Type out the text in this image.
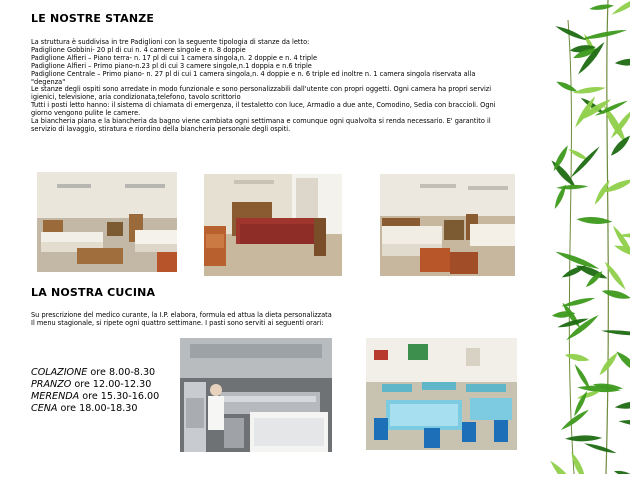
LE NOSTRE STANZE

La struttura è suddivisa in tre Padiglioni con la seguente tipologia di stanze da letto:

Padiglione Gobbini- 20 pl di cui n. 4 camere singole e n. 8 doppie

Padiglione Alfieri – Piano terra- n. 17 pl di cui 1 camera singola,n. 2 doppie e n. 4 triple

Padiglione Alfieri – Primo piano-n.23 pl di cui 3 camere singole,n.1 doppia e n.6 triple

Padiglione Centrale – Primo piano- n. 27 pl di cui 1 camera singola,n. 4 doppie e n. 6 triple ed inoltre n. 1 camera singola riservata alla "degenza"

Le stanze degli ospiti sono arredate in modo funzionale e sono personalizzabili dall'utente con propri oggetti. Ogni camera ha propri servizi igienici, televisione, aria condizionata,telefono, tavolo scrittorio

Tutti i posti letto hanno: il sistema di chiamata di emergenza, il testaletto con luce, Armadio a due ante, Comodino, Sedia con braccioli. Ogni giorno vengono pulite le camere.

La biancheria piana e la biancheria da bagno viene cambiata ogni settimana e comunque ogni qualvolta si renda necessario. E' garantito il servizio di lavaggio, stiratura e riordino della biancheria personale degli ospiti.

LA NOSTRA CUCINA

Su prescrizione del medico curante, la I.P. elabora, formula ed attua la dieta personalizzata

Il menu stagionale, si ripete ogni quattro settimane. I pasti sono serviti ai seguenti orari:

COLAZIONE ore 8.00-8.30
PRANZO ore 12.00-12.30
MERENDA ore 15.30-16.00
CENA ore 18.00-18.30
